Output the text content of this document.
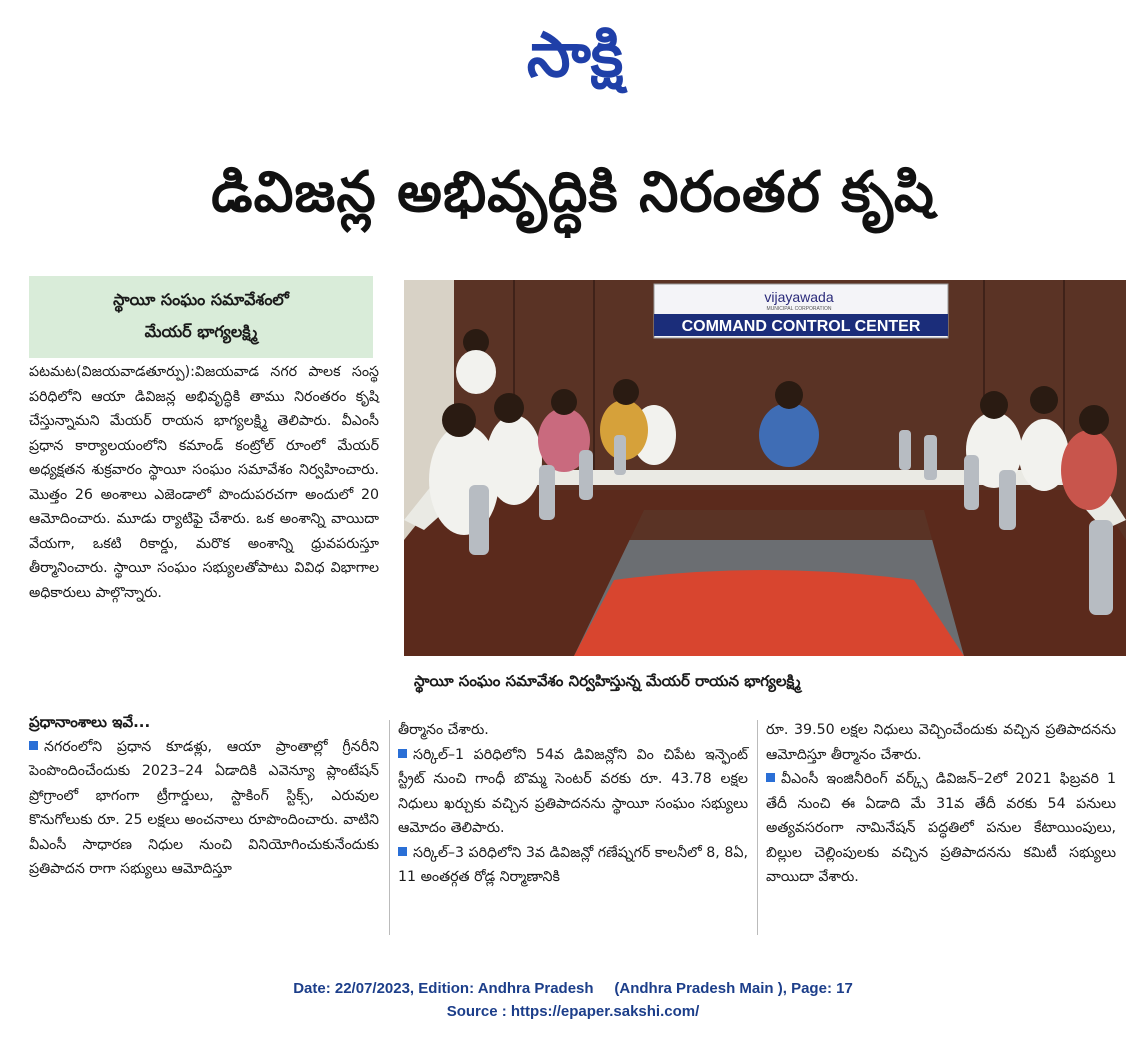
సాక్షి
డివిజన్ల అభివృద్ధికి నిరంతర కృషి
స్థాయీ సంఘం సమావేశంలో
మేయర్ భాగ్యలక్ష్మి

పటమట(విజయవాడతూర్పు):విజయవాడ నగర పాలక సంస్థ పరిధిలోని ఆయా డివిజన్ల అభివృద్ధికి తాము నిరంతరం కృషి చేస్తున్నామని మేయర్ రాయన భాగ్యలక్ష్మి తెలిపారు. వీఎంసీ ప్రధాన కార్యాలయంలోని కమాండ్ కంట్రోల్ రూంలో మేయర్ అధ్యక్షతన శుక్రవారం స్థాయీ సంఘం సమావేశం నిర్వహించారు. మొత్తం 26 అంశాలు ఎజెండాలో పొందుపరచగా అందులో 20 ఆమోదించారు. మూడు ర్యాటిఫై చేశారు. ఒక అంశాన్ని వాయిదా వేయగా, ఒకటి రికార్డు, మరొక అంశాన్ని ధ్రువపరుస్తూ తీర్మానించారు. స్థాయీ సంఘం సభ్యులతోపాటు వివిధ విభాగాల అధికారులు పాల్గొన్నారు.

ప్రధానాంశాలు ఇవే...

నగరంలోని ప్రధాన కూడళ్లు, ఆయా ప్రాంతాల్లో గ్రీనరీని పెంపొందించేందుకు 2023–24 ఏడాదికి ఎవెన్యూ ప్లాంటేషన్ ప్రోగ్రాంలో భాగంగా ట్రీగార్డులు, స్టాకింగ్ స్టిక్స్, ఎరువుల కొనుగోలుకు రూ. 25 లక్షలు అంచనాలు రూపొందించారు. వాటిని వీఎంసీ సాధారణ నిధుల నుంచి వినియోగించుకునేందుకు ప్రతిపాదన రాగా సభ్యులు ఆమోదిస్తూ

తీర్మానం చేశారు.

సర్కిల్–1 పరిధిలోని 54వ డివిజన్లోని విం చిపేట ఇన్ఫెంట్ స్ట్రీట్ నుంచి గాంధీ బొమ్మ సెంటర్ వరకు రూ. 43.78 లక్షల నిధులు ఖర్చుకు వచ్చిన ప్రతిపాదనను స్థాయీ సంఘం సభ్యులు ఆమోదం తెలిపారు.

సర్కిల్–3 పరిధిలోని 3వ డివిజన్లో గణేష్నగర్ కాలనీలో 8, 8ఏ, 11 అంతర్గత రోడ్ల నిర్మాణానికి

రూ. 39.50 లక్షల నిధులు వెచ్చించేందుకు వచ్చిన ప్రతిపాదనను ఆమోదిస్తూ తీర్మానం చేశారు.

వీఎంసీ ఇంజినీరింగ్ వర్క్స్ డివిజన్–2లో 2021 ఫిబ్రవరి 1 తేదీ నుంచి ఈ ఏడాది మే 31వ తేదీ వరకు 54 పనులు అత్యవసరంగా నామినేషన్ పద్ధతిలో పనుల కేటాయింపులు, బిల్లుల చెల్లింపులకు వచ్చిన ప్రతిపాదనను కమిటీ సభ్యులు వాయిదా వేశారు.

vijayawada
MUNICIPAL CORPORATION
COMMAND CONTROL CENTER
స్థాయీ సంఘం సమావేశం నిర్వహిస్తున్న మేయర్ రాయన భాగ్యలక్ష్మి
Date: 22/07/2023, Edition: Andhra Pradesh     (Andhra Pradesh Main ), Page: 17
Source : https://epaper.sakshi.com/
